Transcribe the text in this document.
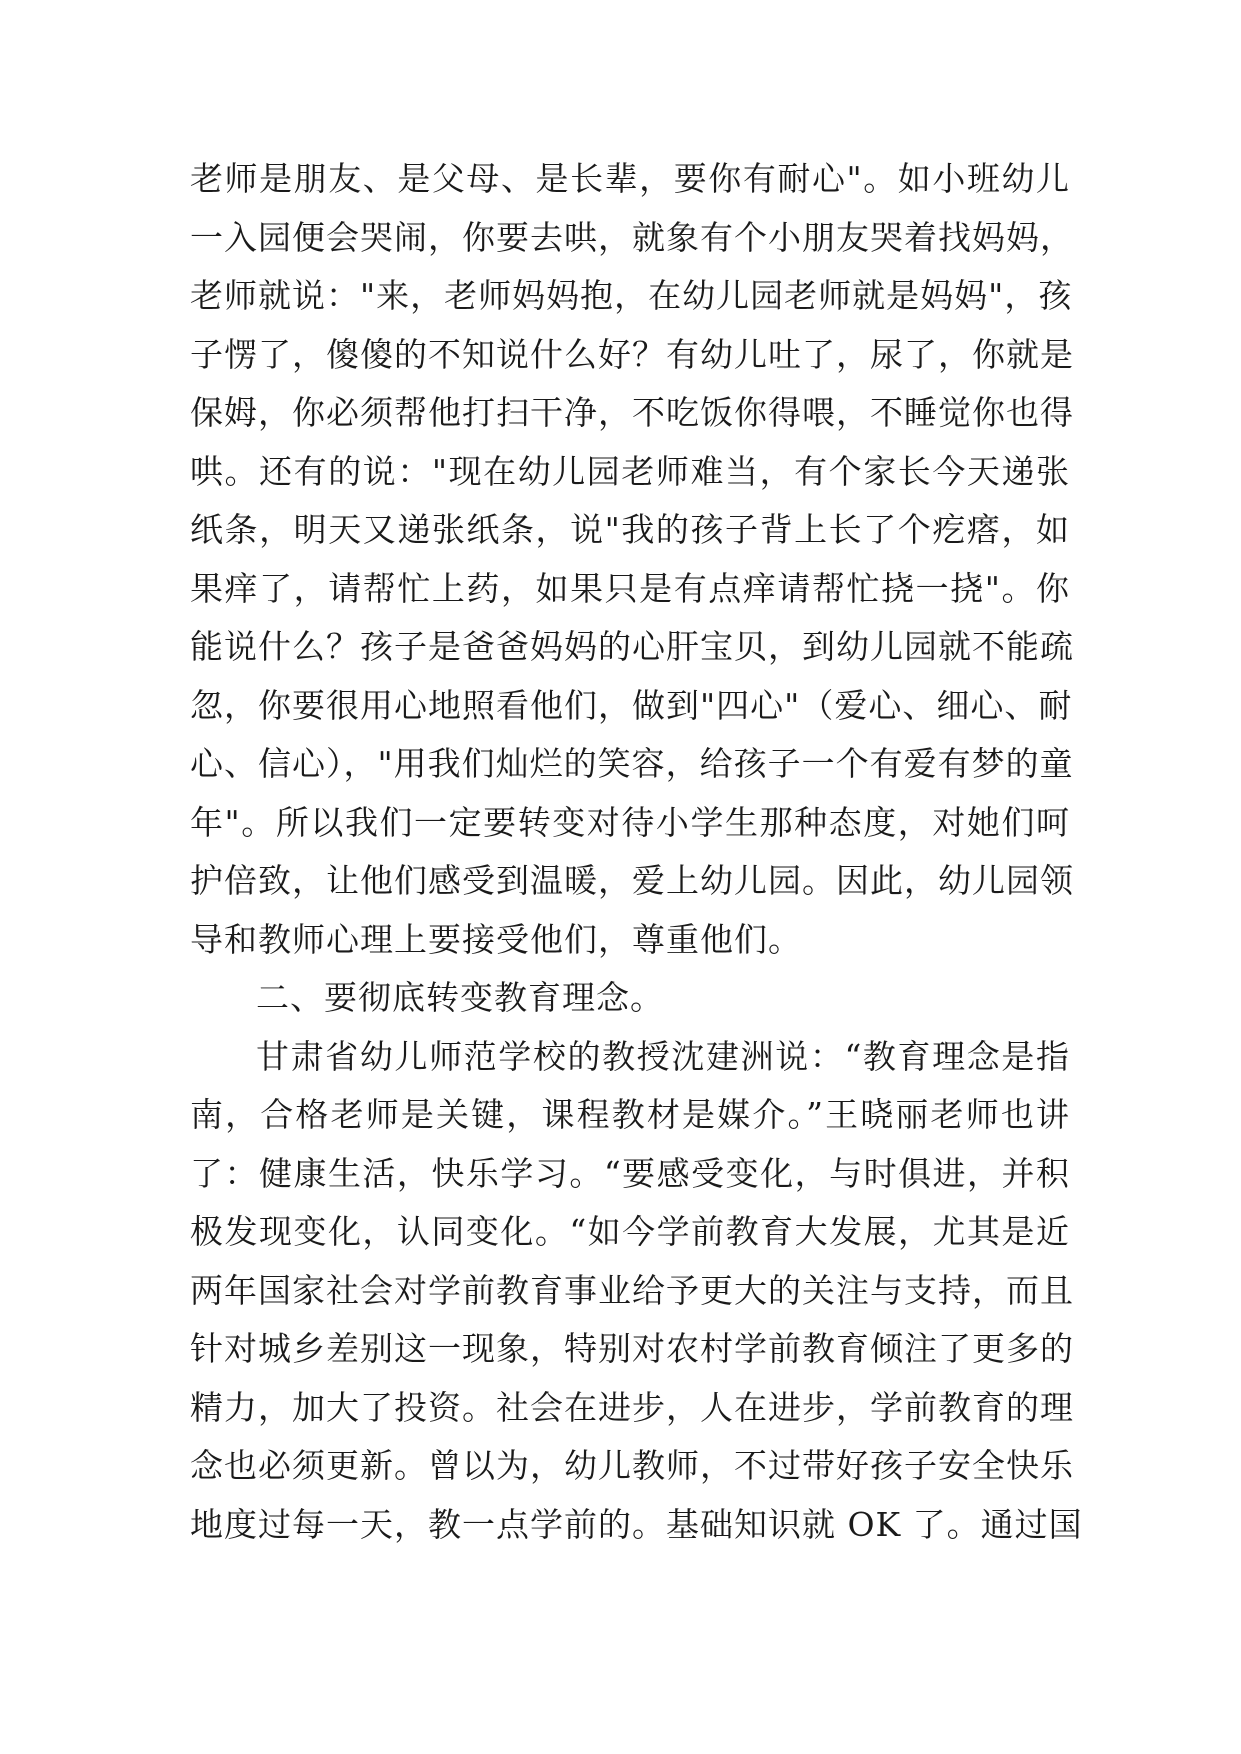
老师是朋友、是父母、是长辈，要你有耐心"。如小班幼儿
一入园便会哭闹，你要去哄，就象有个小朋友哭着找妈妈，
老师就说："来，老师妈妈抱，在幼儿园老师就是妈妈"，孩
子愣了，傻傻的不知说什么好？有幼儿吐了，尿了，你就是
保姆，你必须帮他打扫干净，不吃饭你得喂，不睡觉你也得
哄。还有的说："现在幼儿园老师难当，有个家长今天递张
纸条，明天又递张纸条，说"我的孩子背上长了个疙瘩，如
果痒了，请帮忙上药，如果只是有点痒请帮忙挠一挠"。你
能说什么？孩子是爸爸妈妈的心肝宝贝，到幼儿园就不能疏
忽，你要很用心地照看他们，做到"四心"（爱心、细心、耐
心、信心），"用我们灿烂的笑容，给孩子一个有爱有梦的童
年"。所以我们一定要转变对待小学生那种态度，对她们呵
护倍致，让他们感受到温暖，爱上幼儿园。因此，幼儿园领
导和教师心理上要接受他们，尊重他们。
二、要彻底转变教育理念。
甘肃省幼儿师范学校的教授沈建洲说：“教育理念是指
南，合格老师是关键，课程教材是媒介。”王晓丽老师也讲
了：健康生活，快乐学习。“要感受变化，与时俱进，并积
极发现变化，认同变化。“如今学前教育大发展，尤其是近
两年国家社会对学前教育事业给予更大的关注与支持，而且
针对城乡差别这一现象，特别对农村学前教育倾注了更多的
精力，加大了投资。社会在进步，人在进步，学前教育的理
念也必须更新。曾以为，幼儿教师，不过带好孩子安全快乐
地度过每一天，教一点学前的。基础知识就 OK 了。通过国
